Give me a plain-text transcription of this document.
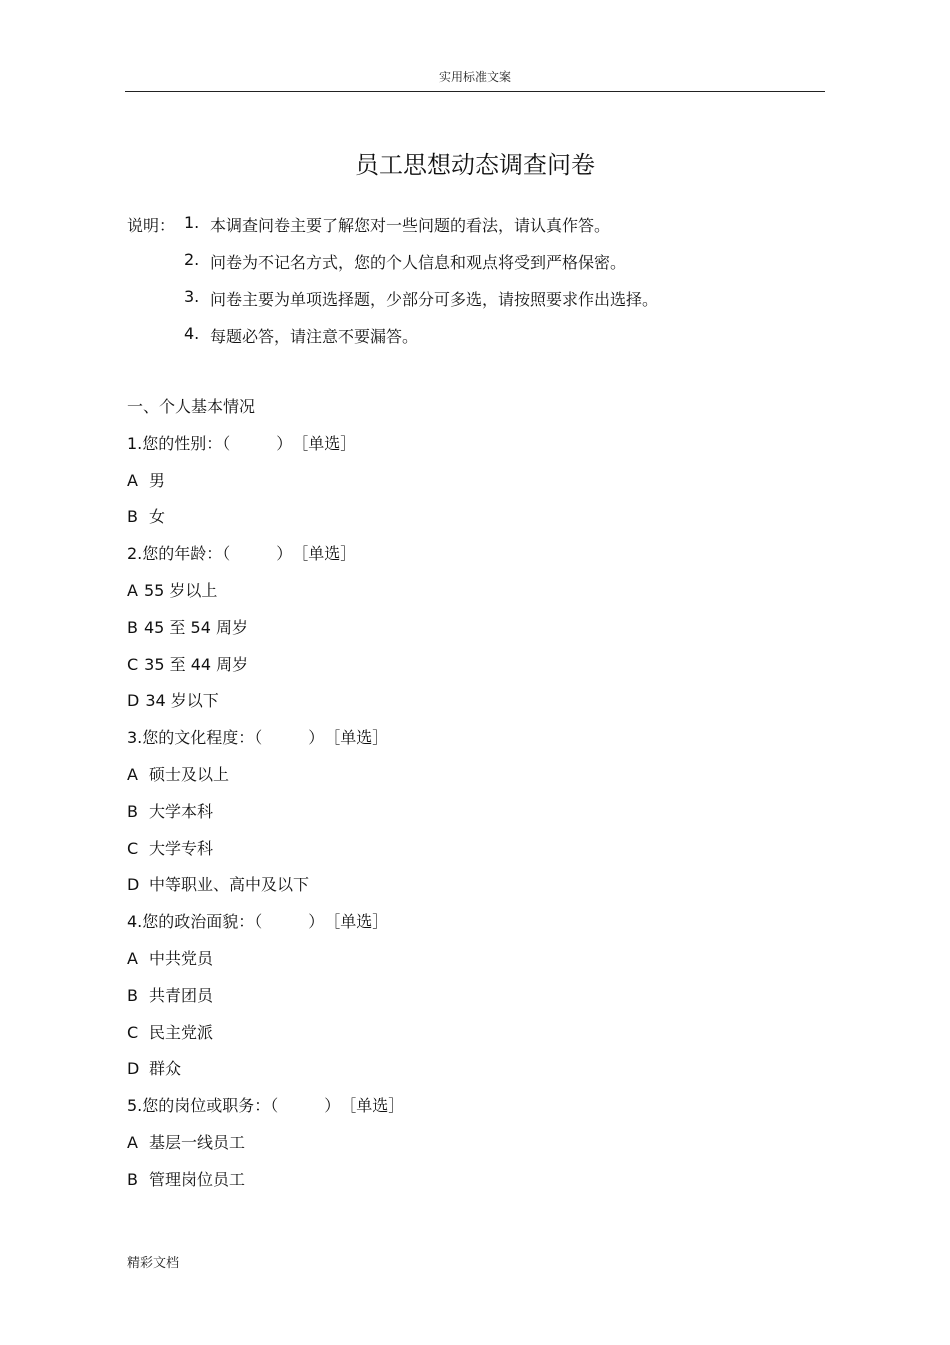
实用标准文案
员工思想动态调查问卷
说明： 1. 本调查问卷主要了解您对一些问题的看法，请认真作答。
2. 问卷为不记名方式，您的个人信息和观点将受到严格保密。
3. 问卷主要为单项选择题，少部分可多选，请按照要求作出选择。
4. 每题必答，请注意不要漏答。
一、个人基本情况
1.您的性别：（	）［单选］
A 男
B 女
2.您的年龄：（	）［单选］
A 55 岁以上
B 45 至 54 周岁
C 35 至 44 周岁
D 34 岁以下
3.您的文化程度：（	）［单选］
A 硕士及以上
B 大学本科
C 大学专科
D 中等职业、高中及以下
4.您的政治面貌：（	）［单选］
A 中共党员
B 共青团员
C 民主党派
D 群众
5.您的岗位或职务：（	）［单选］
A 基层一线员工
B 管理岗位员工
精彩文档
